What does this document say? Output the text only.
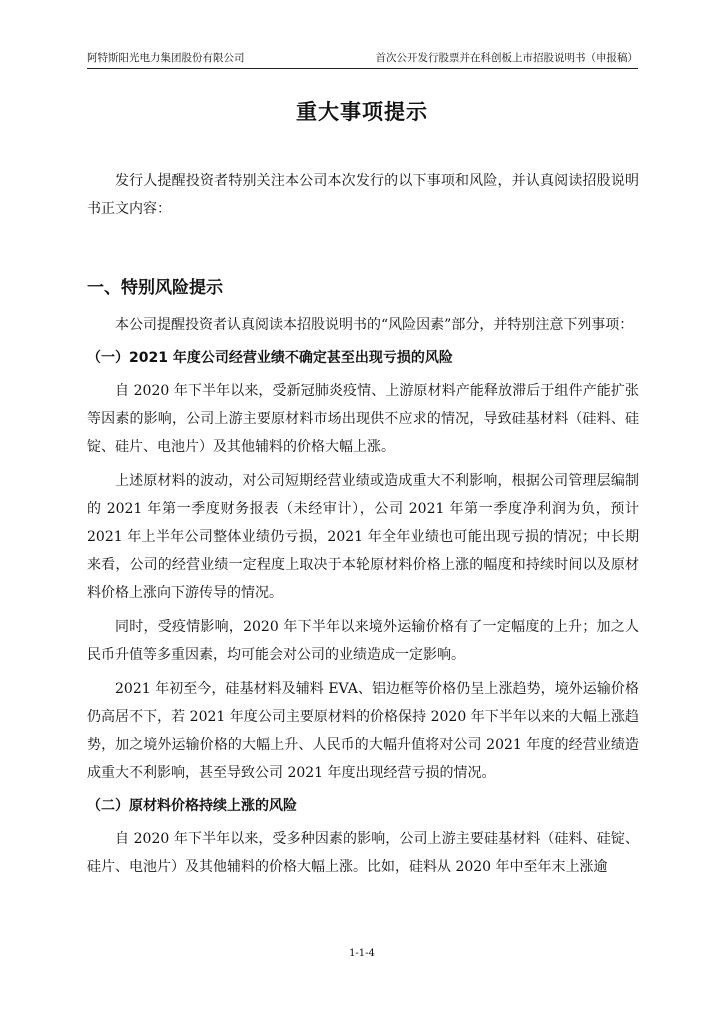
阿特斯阳光电力集团股份有限公司	首次公开发行股票并在科创板上市招股说明书（申报稿）
重大事项提示

发行人提醒投资者特别关注本公司本次发行的以下事项和风险，并认真阅读招股说明书正文内容：

一、特别风险提示

本公司提醒投资者认真阅读本招股说明书的“风险因素”部分，并特别注意下列事项：

（一）2021 年度公司经营业绩不确定甚至出现亏损的风险

自 2020 年下半年以来，受新冠肺炎疫情、上游原材料产能释放滞后于组件产能扩张等因素的影响，公司上游主要原材料市场出现供不应求的情况，导致硅基材料（硅料、硅锭、硅片、电池片）及其他辅料的价格大幅上涨。

上述原材料的波动，对公司短期经营业绩或造成重大不利影响，根据公司管理层编制的 2021 年第一季度财务报表（未经审计），公司 2021 年第一季度净利润为负，预计 2021 年上半年公司整体业绩仍亏损，2021 年全年业绩也可能出现亏损的情况；中长期来看，公司的经营业绩一定程度上取决于本轮原材料价格上涨的幅度和持续时间以及原材料价格上涨向下游传导的情况。

同时，受疫情影响，2020 年下半年以来境外运输价格有了一定幅度的上升；加之人民币升值等多重因素，均可能会对公司的业绩造成一定影响。

2021 年初至今，硅基材料及辅料 EVA、铝边框等价格仍呈上涨趋势，境外运输价格仍高居不下，若 2021 年度公司主要原材料的价格保持 2020 年下半年以来的大幅上涨趋势，加之境外运输价格的大幅上升、人民币的大幅升值将对公司 2021 年度的经营业绩造成重大不利影响，甚至导致公司 2021 年度出现经营亏损的情况。

（二）原材料价格持续上涨的风险

自 2020 年下半年以来，受多种因素的影响，公司上游主要硅基材料（硅料、硅锭、硅片、电池片）及其他辅料的价格大幅上涨。比如，硅料从 2020 年中至年末上涨逾

1-1-4
